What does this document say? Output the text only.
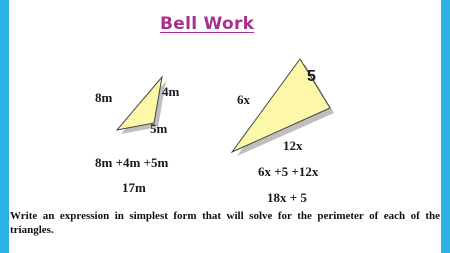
Bell Work
8m	4m
5m
8m +4m +5m
17m
5
6x
12x
6x +5 +12x
18x + 5
Write an expression in simplest form that will solve for the perimeter of each of the triangles.
